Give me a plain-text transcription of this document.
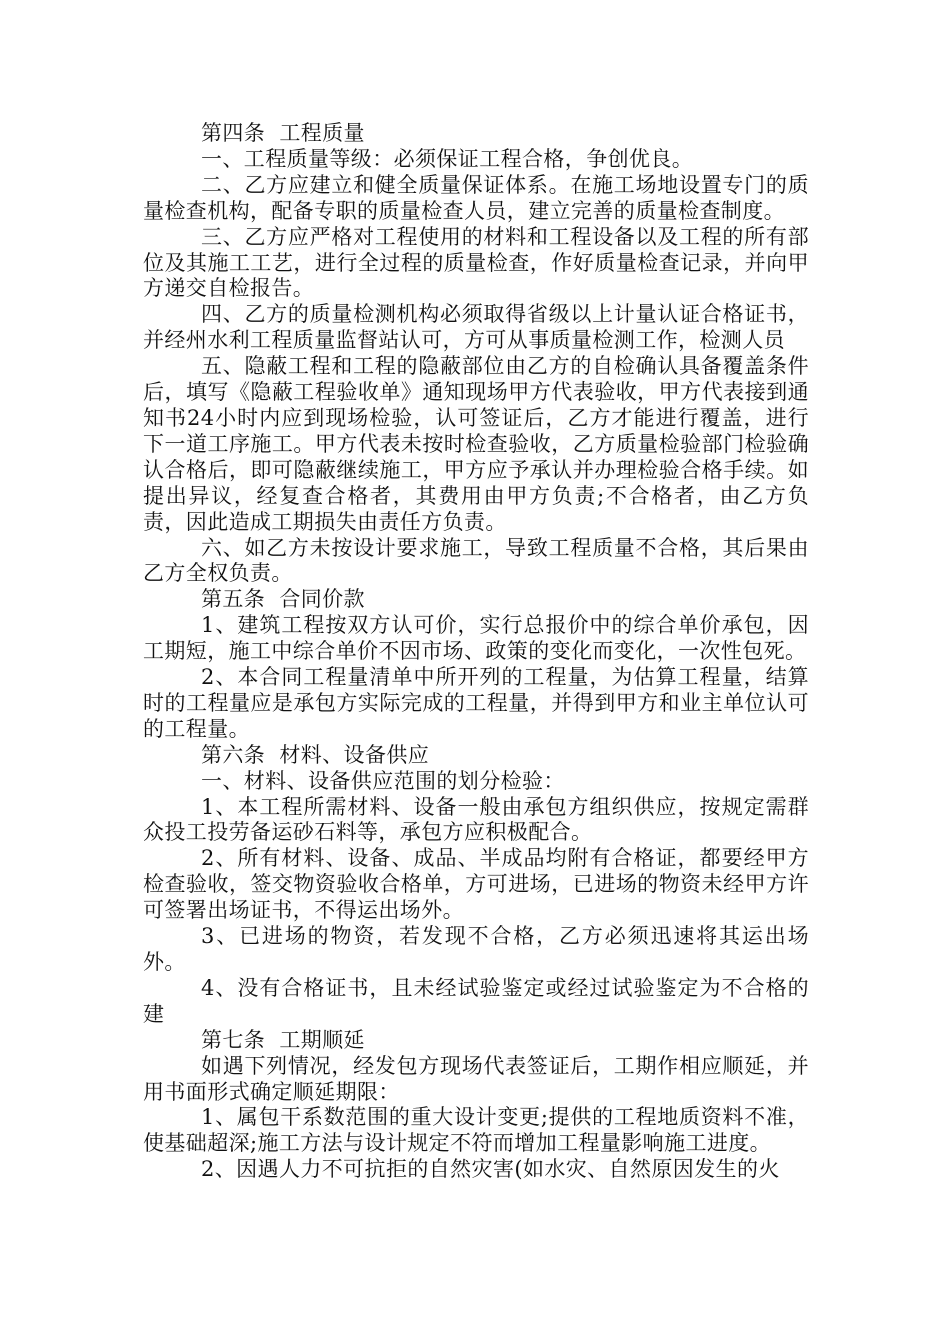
第四条  工程质量

一、工程质量等级：必须保证工程合格，争创优良。

二、乙方应建立和健全质量保证体系。在施工场地设置专门的质量检查机构，配备专职的质量检查人员，建立完善的质量检查制度。

三、乙方应严格对工程使用的材料和工程设备以及工程的所有部位及其施工工艺，进行全过程的质量检查，作好质量检查记录，并向甲方递交自检报告。

四、乙方的质量检测机构必须取得省级以上计量认证合格证书，并经州水利工程质量监督站认可，方可从事质量检测工作，检测人员

五、隐蔽工程和工程的隐蔽部位由乙方的自检确认具备覆盖条件后，填写《隐蔽工程验收单》通知现场甲方代表验收，甲方代表接到通知书24小时内应到现场检验，认可签证后，乙方才能进行覆盖，进行下一道工序施工。甲方代表未按时检查验收，乙方质量检验部门检验确认合格后，即可隐蔽继续施工，甲方应予承认并办理检验合格手续。如提出异议，经复查合格者，其费用由甲方负责;不合格者，由乙方负责，因此造成工期损失由责任方负责。

六、如乙方未按设计要求施工，导致工程质量不合格，其后果由乙方全权负责。

第五条  合同价款

1、建筑工程按双方认可价，实行总报价中的综合单价承包，因工期短，施工中综合单价不因市场、政策的变化而变化，一次性包死。

2、本合同工程量清单中所开列的工程量，为估算工程量，结算时的工程量应是承包方实际完成的工程量，并得到甲方和业主单位认可的工程量。

第六条  材料、设备供应

一、材料、设备供应范围的划分检验：

1、本工程所需材料、设备一般由承包方组织供应，按规定需群众投工投劳备运砂石料等，承包方应积极配合。

2、所有材料、设备、成品、半成品均附有合格证，都要经甲方检查验收，签交物资验收合格单，方可进场，已进场的物资未经甲方许可签署出场证书，不得运出场外。

3、已进场的物资，若发现不合格，乙方必须迅速将其运出场外。

4、没有合格证书，且未经试验鉴定或经过试验鉴定为不合格的建

第七条  工期顺延

如遇下列情况，经发包方现场代表签证后，工期作相应顺延，并用书面形式确定顺延期限：

1、属包干系数范围的重大设计变更;提供的工程地质资料不准，使基础超深;施工方法与设计规定不符而增加工程量影响施工进度。

2、因遇人力不可抗拒的自然灾害(如水灾、自然原因发生的火
